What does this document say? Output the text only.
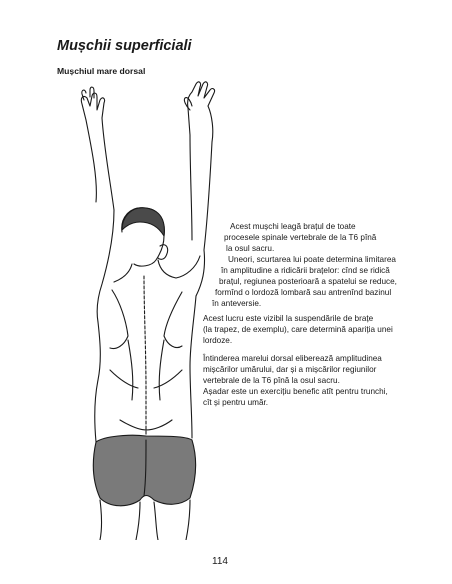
Mușchii superficiali
Mușchiul mare dorsal
Acest mușchi leagă brațul de toate
procesele spinale vertebrale de la T6 pînă
la osul sacru.
Uneori, scurtarea lui poate determina limitarea
în amplitudine a ridicării brațelor: cînd se ridică
brațul, regiunea posterioară a spatelui se reduce,
formînd o lordoză lombară sau antrenînd bazinul
în anteversie.
Acest lucru este vizibil la suspendările de brațe
(la trapez, de exemplu), care determină apariția unei
lordoze.
Întinderea marelui dorsal eliberează amplitudinea
mișcărilor umărului, dar și a mișcărilor regiunilor
vertebrale de la T6 pînă la osul sacru.
Așadar este un exercițiu benefic atît pentru trunchi,
cît și pentru umăr.
114
